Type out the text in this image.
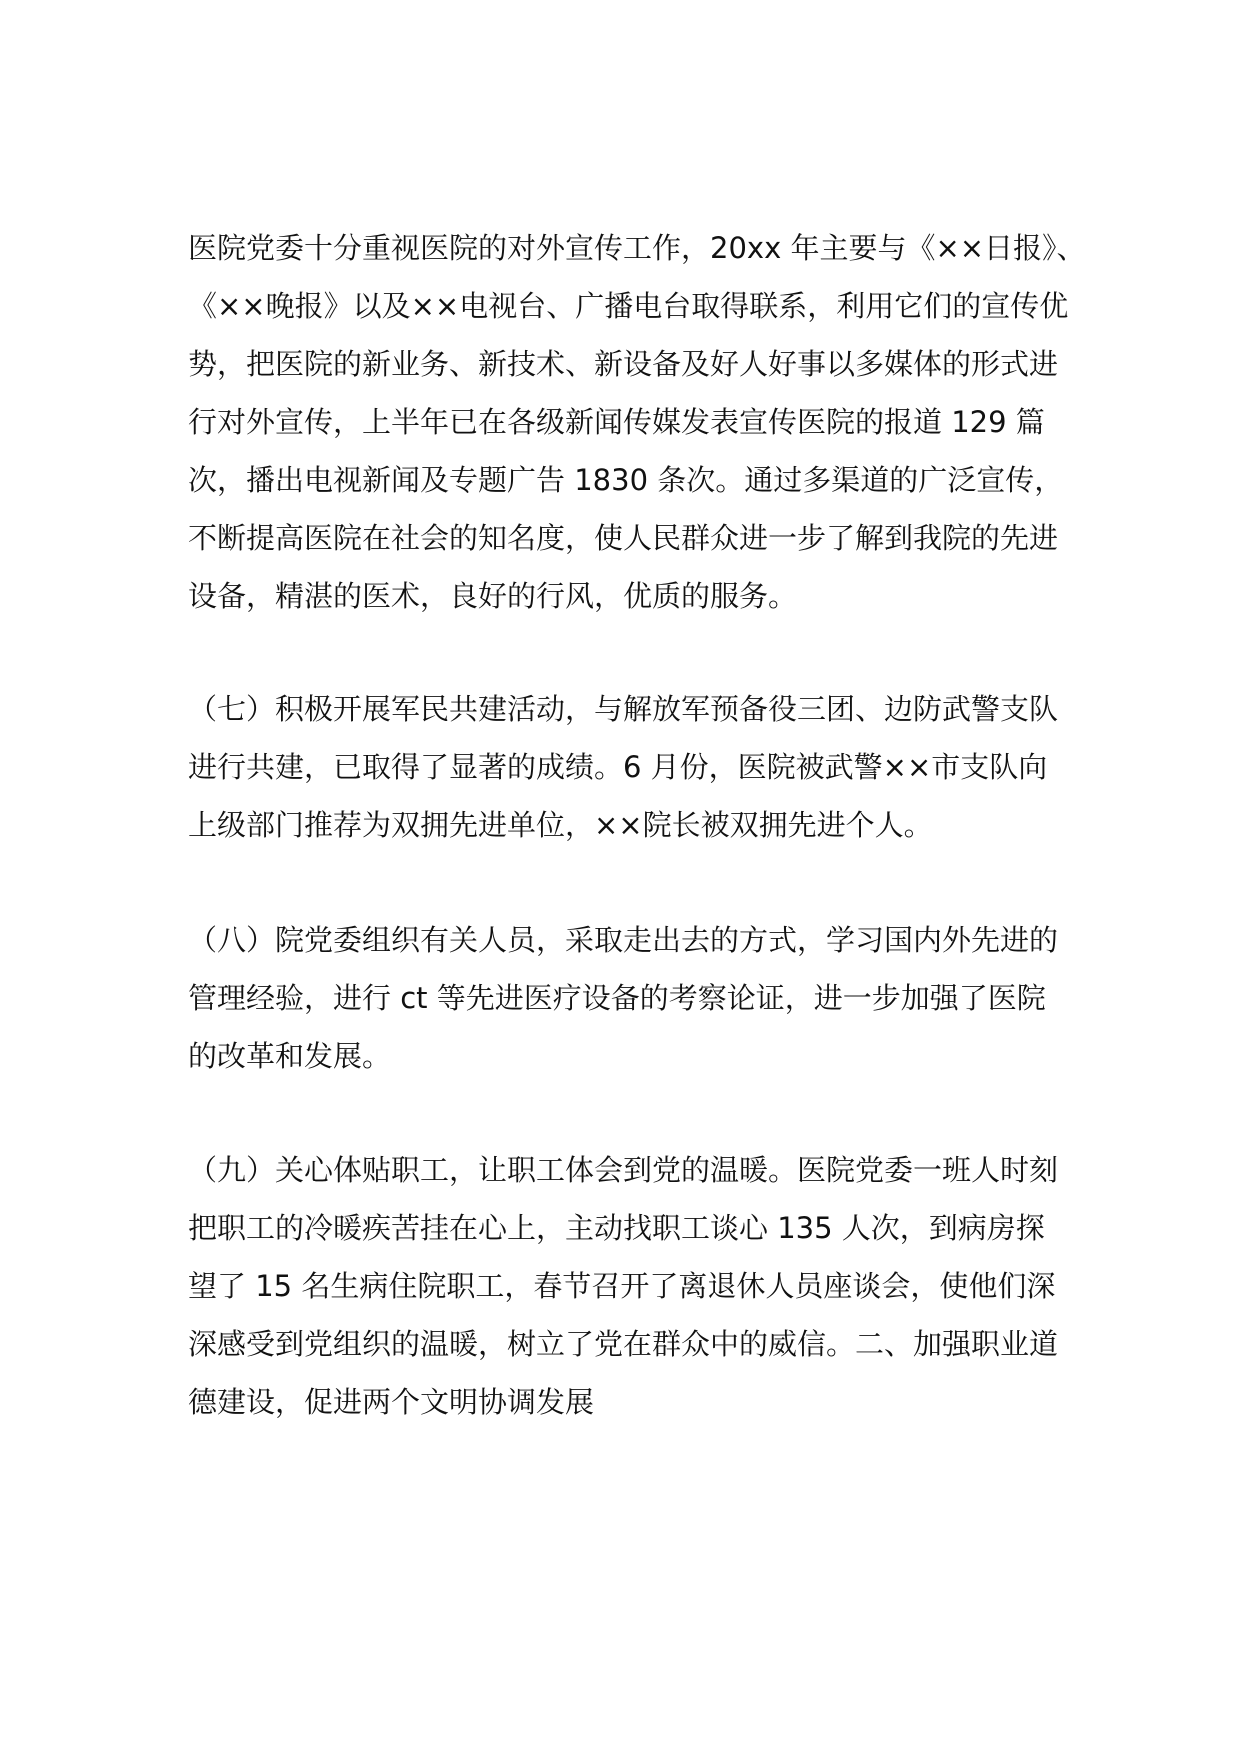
医院党委十分重视医院的对外宣传工作，20xx 年主要与《××日报》、
《××晚报》以及××电视台、广播电台取得联系，利用它们的宣传优
势，把医院的新业务、新技术、新设备及好人好事以多媒体的形式进
行对外宣传，上半年已在各级新闻传媒发表宣传医院的报道 129 篇
次，播出电视新闻及专题广告 1830 条次。通过多渠道的广泛宣传，
不断提高医院在社会的知名度，使人民群众进一步了解到我院的先进
设备，精湛的医术，良好的行风，优质的服务。
（七）积极开展军民共建活动，与解放军预备役三团、边防武警支队
进行共建，已取得了显著的成绩。6 月份，医院被武警××市支队向
上级部门推荐为双拥先进单位，××院长被双拥先进个人。
（八）院党委组织有关人员，采取走出去的方式，学习国内外先进的
管理经验，进行 ct 等先进医疗设备的考察论证，进一步加强了医院
的改革和发展。
（九）关心体贴职工，让职工体会到党的温暖。医院党委一班人时刻
把职工的冷暖疾苦挂在心上，主动找职工谈心 135 人次，到病房探
望了 15 名生病住院职工，春节召开了离退休人员座谈会，使他们深
深感受到党组织的温暖，树立了党在群众中的威信。二、加强职业道
德建设，促进两个文明协调发展
